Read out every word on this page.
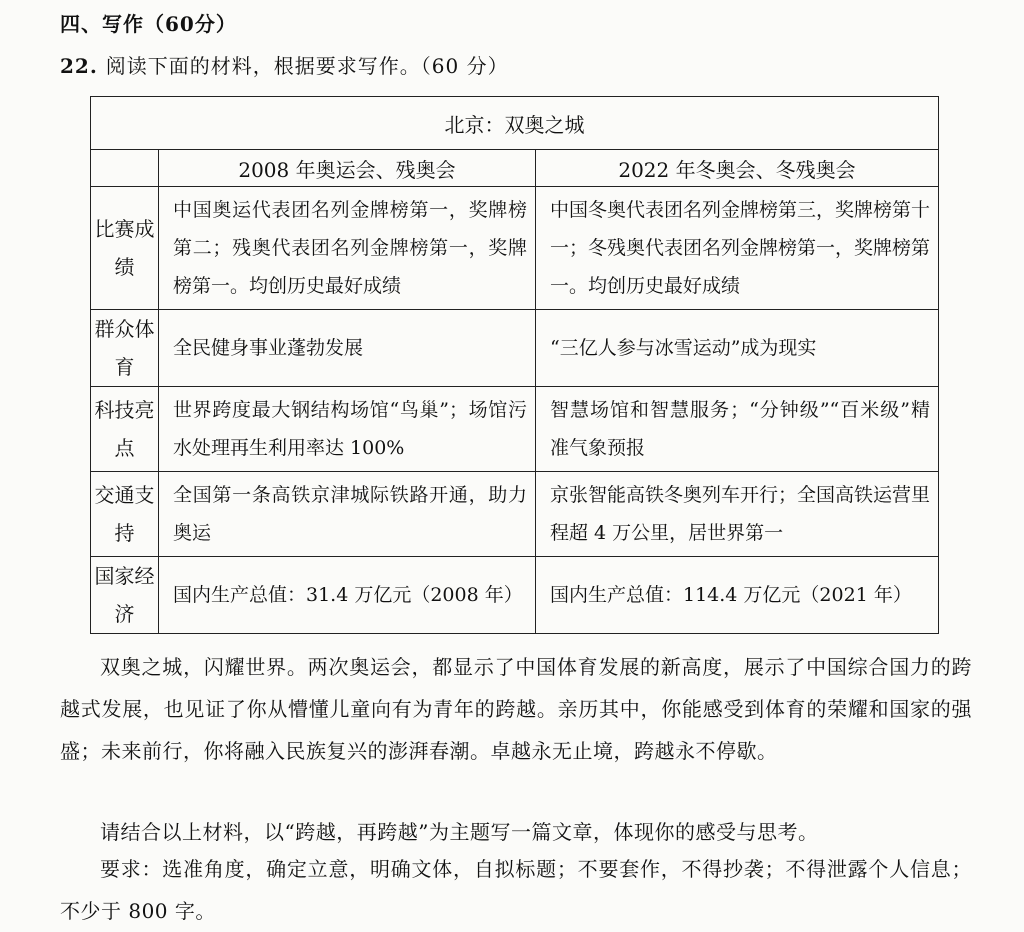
四、写作（60分）
22. 阅读下面的材料，根据要求写作。（60 分）
北京：双奥之城		
	2008 年奥运会、残奥会	2022 年冬奥会、冬残奥会
比赛成绩	中国奥运代表团名列金牌榜第一，奖牌榜第二；残奥代表团名列金牌榜第一，奖牌榜第一。均创历史最好成绩	中国冬奥代表团名列金牌榜第三，奖牌榜第十一；冬残奥代表团名列金牌榜第一，奖牌榜第一。均创历史最好成绩
群众体育	全民健身事业蓬勃发展	“三亿人参与冰雪运动”成为现实
科技亮点	世界跨度最大钢结构场馆“鸟巢”；场馆污水处理再生利用率达 100%	智慧场馆和智慧服务；“分钟级”“百米级”精准气象预报
交通支持	全国第一条高铁京津城际铁路开通，助力奥运	京张智能高铁冬奥列车开行；全国高铁运营里程超 4 万公里，居世界第一
国家经济	国内生产总值：31.4 万亿元（2008 年）	国内生产总值：114.4 万亿元（2021 年）

双奥之城，闪耀世界。两次奥运会，都显示了中国体育发展的新高度，展示了中国综合国力的跨越式发展，也见证了你从懵懂儿童向有为青年的跨越。亲历其中，你能感受到体育的荣耀和国家的强盛；未来前行，你将融入民族复兴的澎湃春潮。卓越永无止境，跨越永不停歇。

请结合以上材料，以“跨越，再跨越”为主题写一篇文章，体现你的感受与思考。

要求：选准角度，确定立意，明确文体，自拟标题；不要套作，不得抄袭；不得泄露个人信息；不少于 800 字。
